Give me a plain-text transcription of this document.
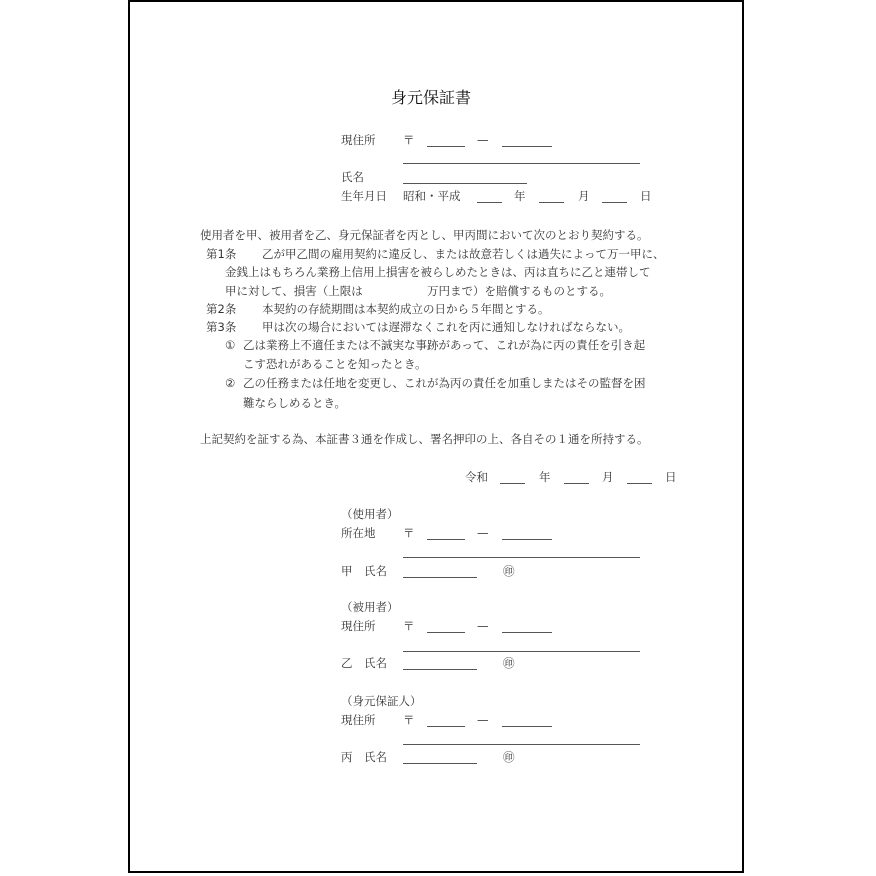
身元保証書
現住所 〒	—
氏名
生年月日 昭和・平成	年	月	日
使用者を甲、被用者を乙、身元保証者を丙とし、甲丙間において次のとおり契約する。
第1条 乙が甲乙間の雇用契約に違反し、または故意若しくは過失によって万一甲に、
金銭上はもちろん業務上信用上損害を被らしめたときは、丙は直ちに乙と連帯して
甲に対して、損害（上限は	万円まで）を賠償するものとする。
第2条 本契約の存続期間は本契約成立の日から５年間とする。
第3条 甲は次の場合においては遅滞なくこれを丙に通知しなければならない。
① 乙は業務上不適任または不誠実な事跡があって、これが為に丙の責任を引き起
こす恐れがあることを知ったとき。
② 乙の任務または任地を変更し、これが為丙の責任を加重しまたはその監督を困
難ならしめるとき。
上記契約を証する為、本証書３通を作成し、署名押印の上、各自その１通を所持する。
令和	年	月	日
（使用者）
所在地 〒	—
甲　氏名	㊞
（被用者）
現住所 〒	—
乙　氏名	㊞
（身元保証人）
現住所 〒	—
丙　氏名	㊞
